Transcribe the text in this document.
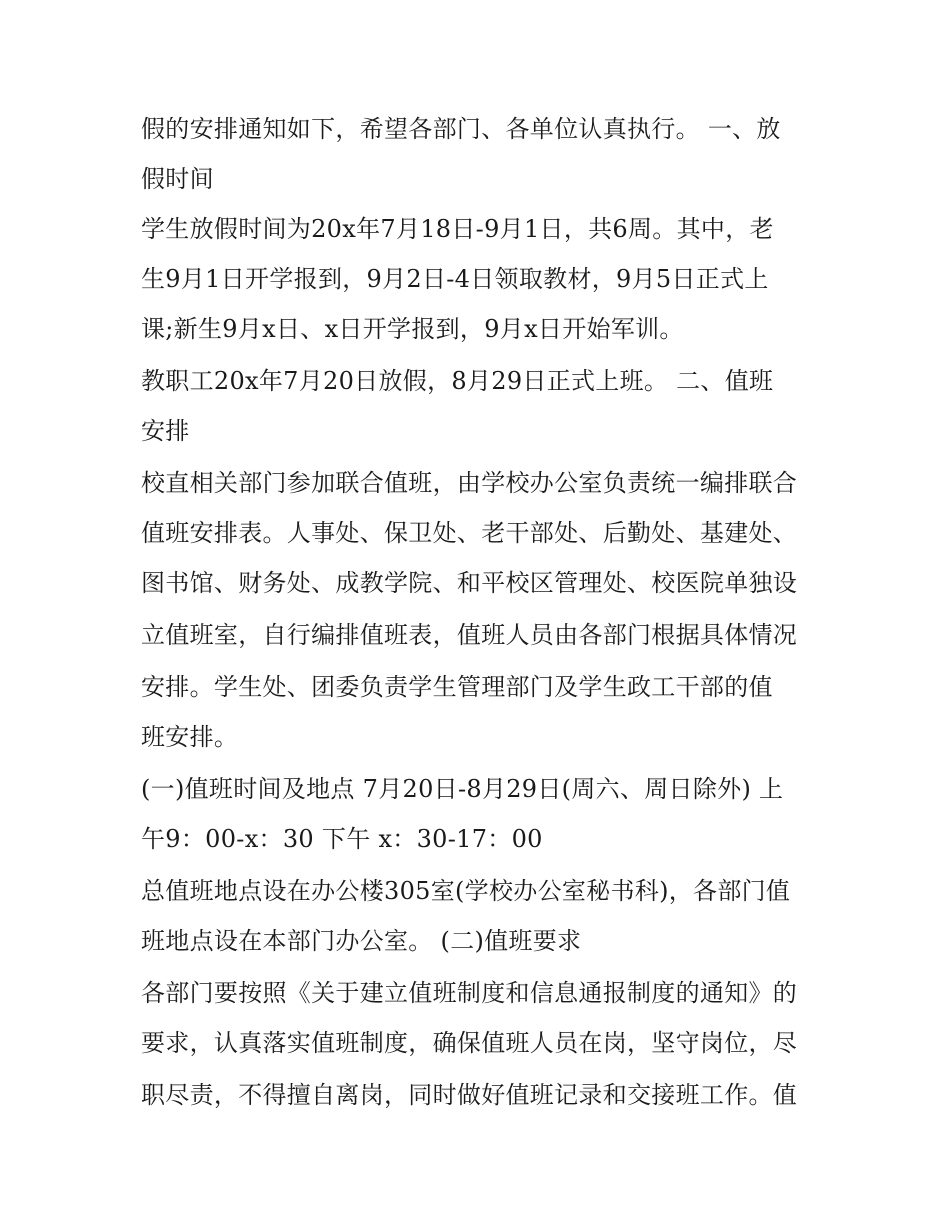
假的安排通知如下，希望各部门、各单位认真执行。 一、放
假时间
学生放假时间为20x年7月18日-9月1日，共6周。其中，老
生9月1日开学报到，9月2日-4日领取教材，9月5日正式上
课;新生9月x日、x日开学报到，9月x日开始军训。
教职工20x年7月20日放假，8月29日正式上班。 二、值班
安排
校直相关部门参加联合值班，由学校办公室负责统一编排联合
值班安排表。人事处、保卫处、老干部处、后勤处、基建处、
图书馆、财务处、成教学院、和平校区管理处、校医院单独设
立值班室，自行编排值班表，值班人员由各部门根据具体情况
安排。学生处、团委负责学生管理部门及学生政工干部的值
班安排。
(一)值班时间及地点 7月20日-8月29日(周六、周日除外) 上
午9：00-x：30 下午 x：30-17：00
总值班地点设在办公楼305室(学校办公室秘书科)，各部门值
班地点设在本部门办公室。 (二)值班要求
各部门要按照《关于建立值班制度和信息通报制度的通知》的
要求，认真落实值班制度，确保值班人员在岗，坚守岗位，尽
职尽责，不得擅自离岗，同时做好值班记录和交接班工作。值
